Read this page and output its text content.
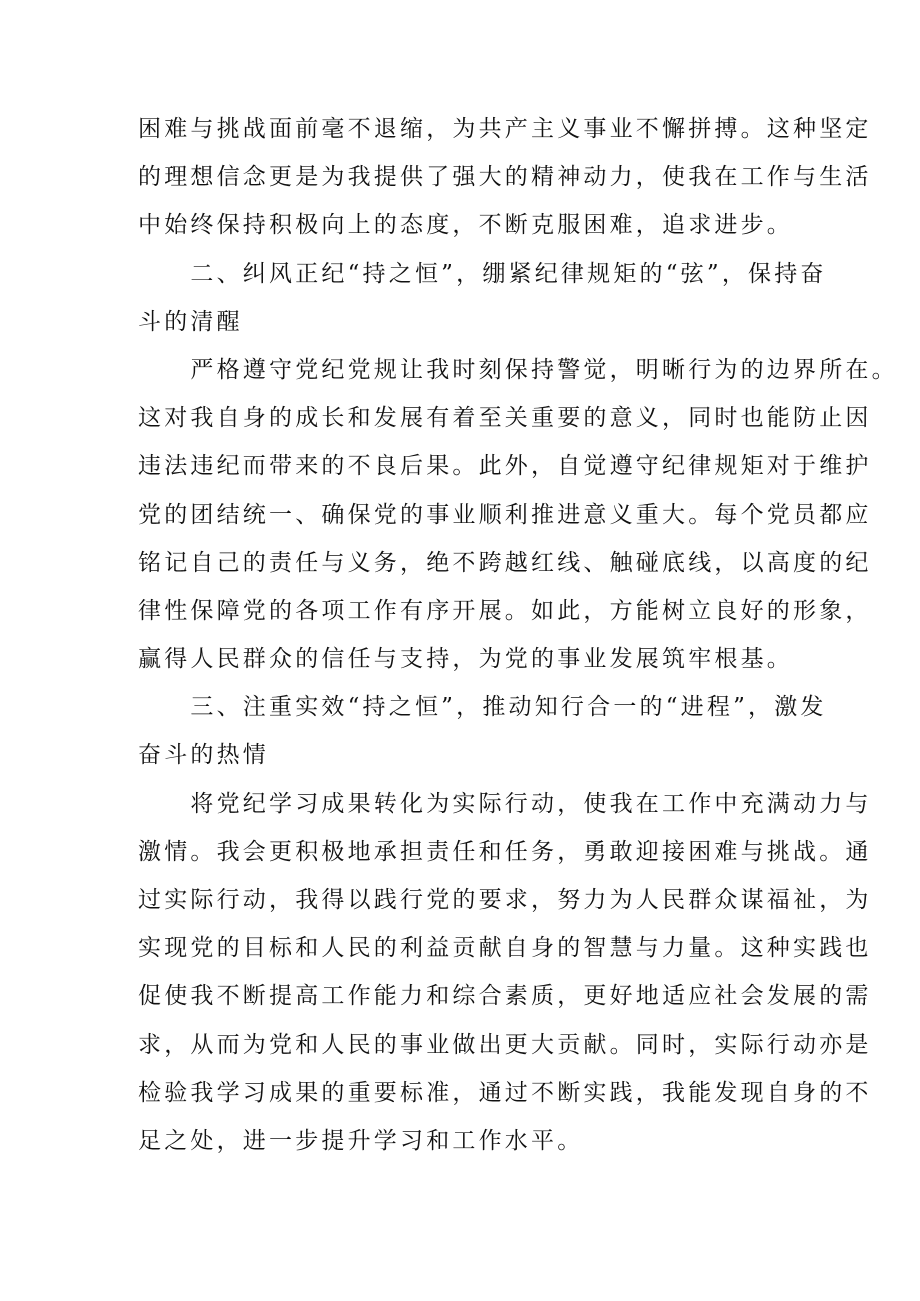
困难与挑战面前毫不退缩，为共产主义事业不懈拼搏。这种坚定
的理想信念更是为我提供了强大的精神动力，使我在工作与生活
中始终保持积极向上的态度，不断克服困难，追求进步。
　　二、纠风正纪“持之恒”，绷紧纪律规矩的“弦”，保持奋
斗的清醒
　　严格遵守党纪党规让我时刻保持警觉，明晰行为的边界所在。
这对我自身的成长和发展有着至关重要的意义，同时也能防止因
违法违纪而带来的不良后果。此外，自觉遵守纪律规矩对于维护
党的团结统一、确保党的事业顺利推进意义重大。每个党员都应
铭记自己的责任与义务，绝不跨越红线、触碰底线，以高度的纪
律性保障党的各项工作有序开展。如此，方能树立良好的形象，
赢得人民群众的信任与支持，为党的事业发展筑牢根基。
　　三、注重实效“持之恒”，推动知行合一的“进程”，激发
奋斗的热情
　　将党纪学习成果转化为实际行动，使我在工作中充满动力与
激情。我会更积极地承担责任和任务，勇敢迎接困难与挑战。通
过实际行动，我得以践行党的要求，努力为人民群众谋福祉，为
实现党的目标和人民的利益贡献自身的智慧与力量。这种实践也
促使我不断提高工作能力和综合素质，更好地适应社会发展的需
求，从而为党和人民的事业做出更大贡献。同时，实际行动亦是
检验我学习成果的重要标准，通过不断实践，我能发现自身的不
足之处，进一步提升学习和工作水平。
